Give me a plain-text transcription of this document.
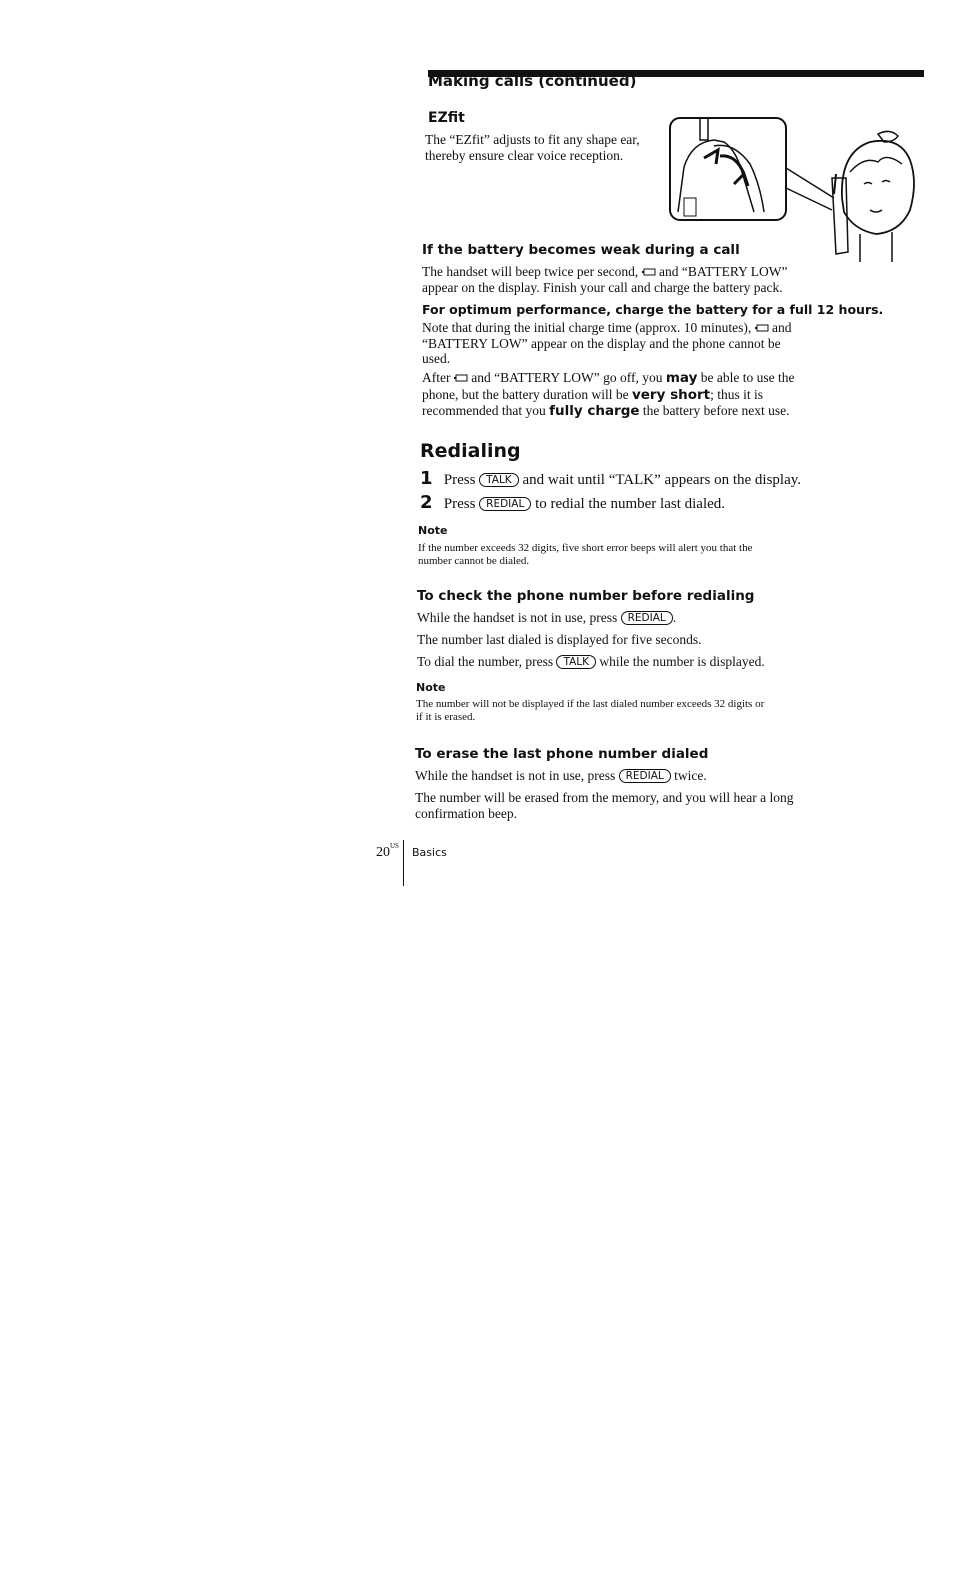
Making calls (continued)
EZfit
The “EZfit” adjusts to fit any shape ear,
thereby ensure clear voice reception.
If the battery becomes weak during a call
The handset will beep twice per second, and “BATTERY LOW”
appear on the display. Finish your call and charge the battery pack.
For optimum performance, charge the battery for a full 12 hours.
Note that during the initial charge time (approx. 10 minutes), and
“BATTERY LOW” appear on the display and the phone cannot be
used.
After and “BATTERY LOW” go off, you may be able to use the
phone, but the battery duration will be very short; thus it is
recommended that you fully charge the battery before next use.
Redialing
1 Press TALK and wait until “TALK” appears on the display.
2 Press REDIAL to redial the number last dialed.
Note
If the number exceeds 32 digits, five short error beeps will alert you that the
number cannot be dialed.
To check the phone number before redialing
While the handset is not in use, press REDIAL .
The number last dialed is displayed for five seconds.
To dial the number, press TALK while the number is displayed.
Note
The number will not be displayed if the last dialed number exceeds 32 digits or
if it is erased.
To erase the last phone number dialed
While the handset is not in use, press REDIAL twice.
The number will be erased from the memory, and you will hear a long
confirmation beep.
$20^{US}$ Basics
